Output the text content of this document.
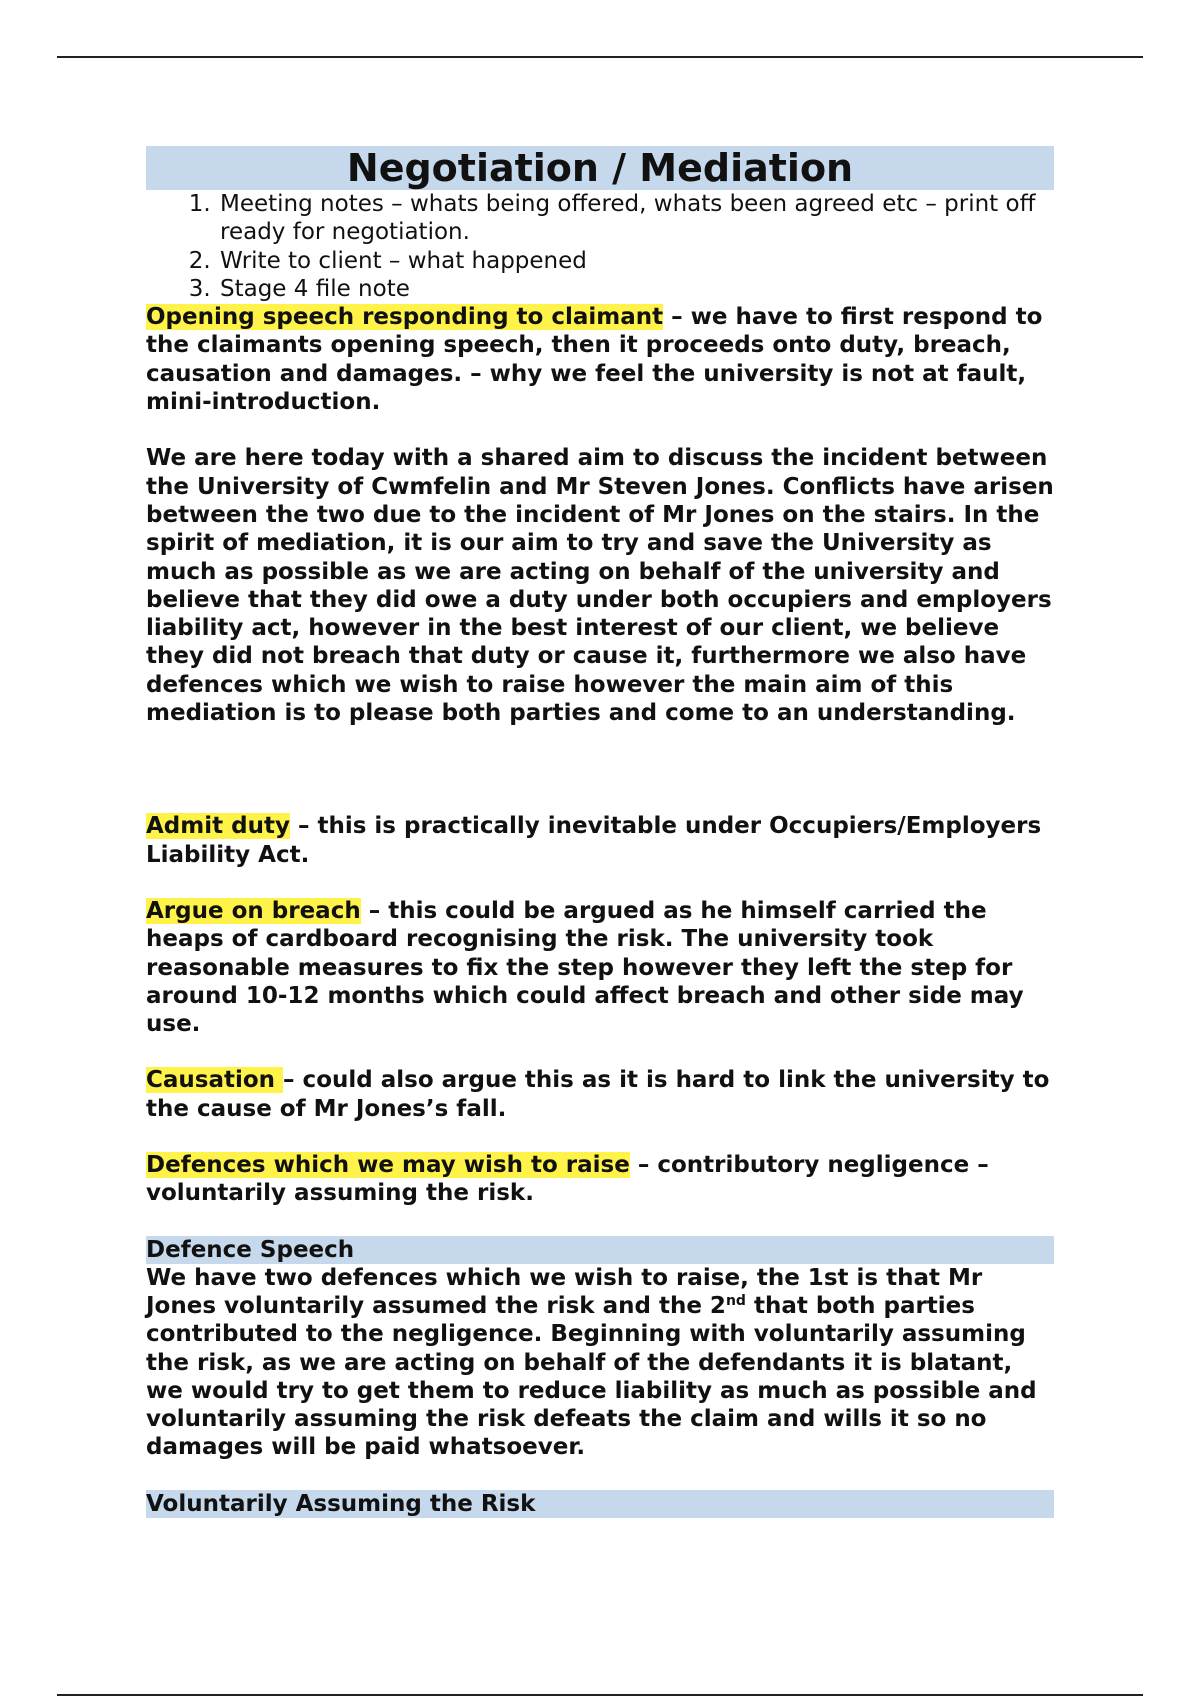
Negotiation / Mediation
1. Meeting notes – whats being offered, whats been agreed etc – print off ready for negotiation.
2. Write to client – what happened
3. Stage 4 file note

Opening speech responding to claimant – we have to first respond to the claimants opening speech, then it proceeds onto duty, breach, causation and damages. – why we feel the university is not at fault, mini-introduction.

We are here today with a shared aim to discuss the incident between the University of Cwmfelin and Mr Steven Jones. Conflicts have arisen between the two due to the incident of Mr Jones on the stairs. In the spirit of mediation, it is our aim to try and save the University as much as possible as we are acting on behalf of the university and believe that they did owe a duty under both occupiers and employers liability act, however in the best interest of our client, we believe they did not breach that duty or cause it, furthermore we also have defences which we wish to raise however the main aim of this mediation is to please both parties and come to an understanding.

Admit duty – this is practically inevitable under Occupiers/Employers Liability Act.

Argue on breach – this could be argued as he himself carried the heaps of cardboard recognising the risk. The university took reasonable measures to fix the step however they left the step for around 10-12 months which could affect breach and other side may use.

Causation – could also argue this as it is hard to link the university to the cause of Mr Jones’s fall.

Defences which we may wish to raise – contributory negligence – voluntarily assuming the risk.

Defence Speech

We have two defences which we wish to raise, the 1st is that Mr Jones voluntarily assumed the risk and the 2nd that both parties contributed to the negligence. Beginning with voluntarily assuming the risk, as we are acting on behalf of the defendants it is blatant, we would try to get them to reduce liability as much as possible and voluntarily assuming the risk defeats the claim and wills it so no damages will be paid whatsoever.

Voluntarily Assuming the Risk
